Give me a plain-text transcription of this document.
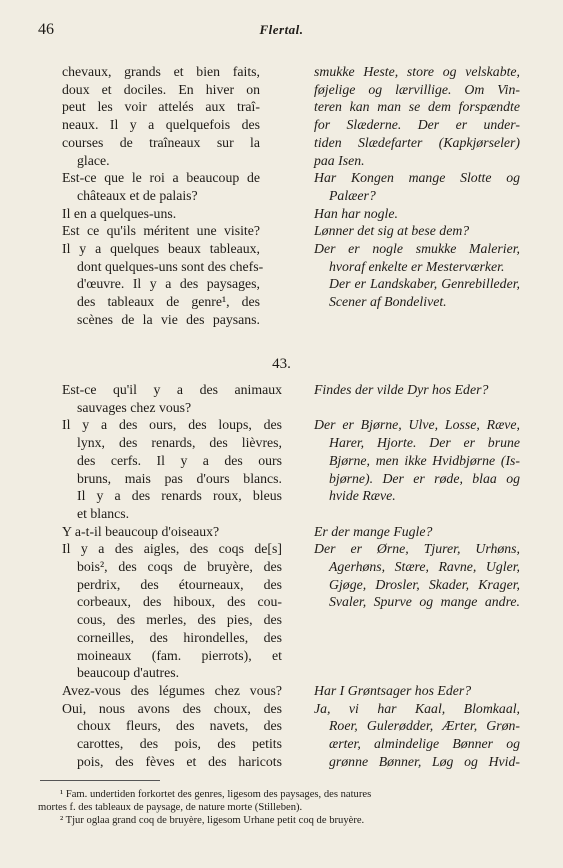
46	Flertal.
chevaux, grands et bien faits,
doux et dociles. En hiver on
peut les voir attelés aux traî-
neaux. Il y a quelquefois des
courses de traîneaux sur la
glace.
Est-ce que le roi a beaucoup de
châteaux et de palais?
Il en a quelques-uns.
Est ce qu'ils méritent une visite?
Il y a quelques beaux tableaux,
dont quelques-uns sont des chefs-
d'œuvre. Il y a des paysages,
des tableaux de genre¹, des
scènes de la vie des paysans.
smukke Heste, store og velskabte,
føjelige og lærvillige. Om Vin-
teren kan man se dem forspændte
for Slæderne. Der er under-
tiden Slædefarter (Kapkjørseler)
paa Isen.
Har Kongen mange Slotte og
Palæer?
Han har nogle.
Lønner det sig at bese dem?
Der er nogle smukke Malerier,
hvoraf enkelte er Mesterværker.
Der er Landskaber, Genrebilleder,
Scener af Bondelivet.
43.
Est-ce qu'il y a des animaux
sauvages chez vous?
Il y a des ours, des loups, des
lynx, des renards, des lièvres,
des cerfs. Il y a des ours
bruns, mais pas d'ours blancs.
Il y a des renards roux, bleus
et blancs.
Y a-t-il beaucoup d'oiseaux?
Il y a des aigles, des coqs de[s]
bois², des coqs de bruyère, des
perdrix, des étourneaux, des
corbeaux, des hiboux, des cou-
cous, des merles, des pies, des
corneilles, des hirondelles, des
moineaux (fam. pierrots), et
beaucoup d'autres.
Avez-vous des légumes chez vous?
Oui, nous avons des choux, des
choux fleurs, des navets, des
carottes, des pois, des petits
pois, des fèves et des haricots
Findes der vilde Dyr hos Eder?
Der er Bjørne, Ulve, Losse, Ræve,
Harer, Hjorte. Der er brune
Bjørne, men ikke Hvidbjørne (Is-
bjørne). Der er røde, blaa og
hvide Ræve.
Er der mange Fugle?
Der er Ørne, Tjurer, Urhøns,
Agerhøns, Stære, Ravne, Ugler,
Gjøge, Drosler, Skader, Krager,
Svaler, Spurve og mange andre.
Har I Grøntsager hos Eder?
Ja, vi har Kaal, Blomkaal,
Roer, Gulerødder, Ærter, Grøn-
ærter, almindelige Bønner og
grønne Bønner, Løg og Hvid-
¹ Fam. undertiden forkortet des genres, ligesom des paysages, des natures
mortes f. des tableaux de paysage, de nature morte (Stilleben).
² Tjur oglaa grand coq de bruyère, ligesom Urhane petit coq de bruyère.
